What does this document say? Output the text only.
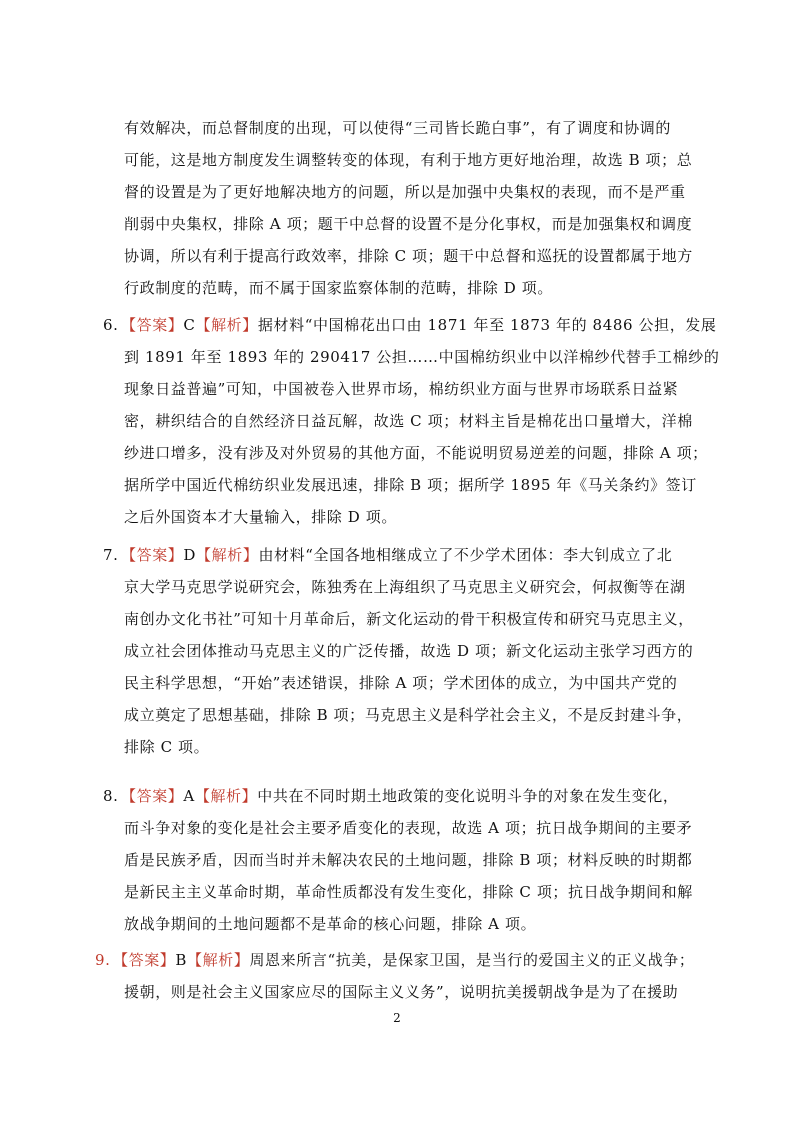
有效解决，而总督制度的出现，可以使得“三司皆长跪白事”，有了调度和协调的
可能，这是地方制度发生调整转变的体现，有利于地方更好地治理，故选 B 项；总
督的设置是为了更好地解决地方的问题，所以是加强中央集权的表现，而不是严重
削弱中央集权，排除 A 项；题干中总督的设置不是分化事权，而是加强集权和调度
协调，所以有利于提高行政效率，排除 C 项；题干中总督和巡抚的设置都属于地方
行政制度的范畴，而不属于国家监察体制的范畴，排除 D 项。
6. 【答案】C【解析】据材料“中国棉花出口由 1871 年至 1873 年的 8486 公担，发展
到 1891 年至 1893 年的 290417 公担……中国棉纺织业中以洋棉纱代替手工棉纱的
现象日益普遍”可知，中国被卷入世界市场，棉纺织业方面与世界市场联系日益紧
密，耕织结合的自然经济日益瓦解，故选 C 项；材料主旨是棉花出口量增大，洋棉
纱进口增多，没有涉及对外贸易的其他方面，不能说明贸易逆差的问题，排除 A 项；
据所学中国近代棉纺织业发展迅速，排除 B 项；据所学 1895 年《马关条约》签订
之后外国资本才大量输入，排除 D 项。
7. 【答案】D【解析】由材料“全国各地相继成立了不少学术团体：李大钊成立了北
京大学马克思学说研究会，陈独秀在上海组织了马克思主义研究会，何叔衡等在湖
南创办文化书社”可知十月革命后，新文化运动的骨干积极宣传和研究马克思主义，
成立社会团体推动马克思主义的广泛传播，故选 D 项；新文化运动主张学习西方的
民主科学思想，“开始”表述错误，排除 A 项；学术团体的成立，为中国共产党的
成立奠定了思想基础，排除 B 项；马克思主义是科学社会主义，不是反封建斗争，
排除 C 项。
8. 【答案】A【解析】中共在不同时期土地政策的变化说明斗争的对象在发生变化，
而斗争对象的变化是社会主要矛盾变化的表现，故选 A 项；抗日战争期间的主要矛
盾是民族矛盾，因而当时并未解决农民的土地问题，排除 B 项；材料反映的时期都
是新民主主义革命时期，革命性质都没有发生变化，排除 C 项；抗日战争期间和解
放战争期间的土地问题都不是革命的核心问题，排除 A 项。
9. 【答案】B【解析】周恩来所言“抗美，是保家卫国，是当行的爱国主义的正义战争；
援朝，则是社会主义国家应尽的国际主义义务”，说明抗美援朝战争是为了在援助
2
